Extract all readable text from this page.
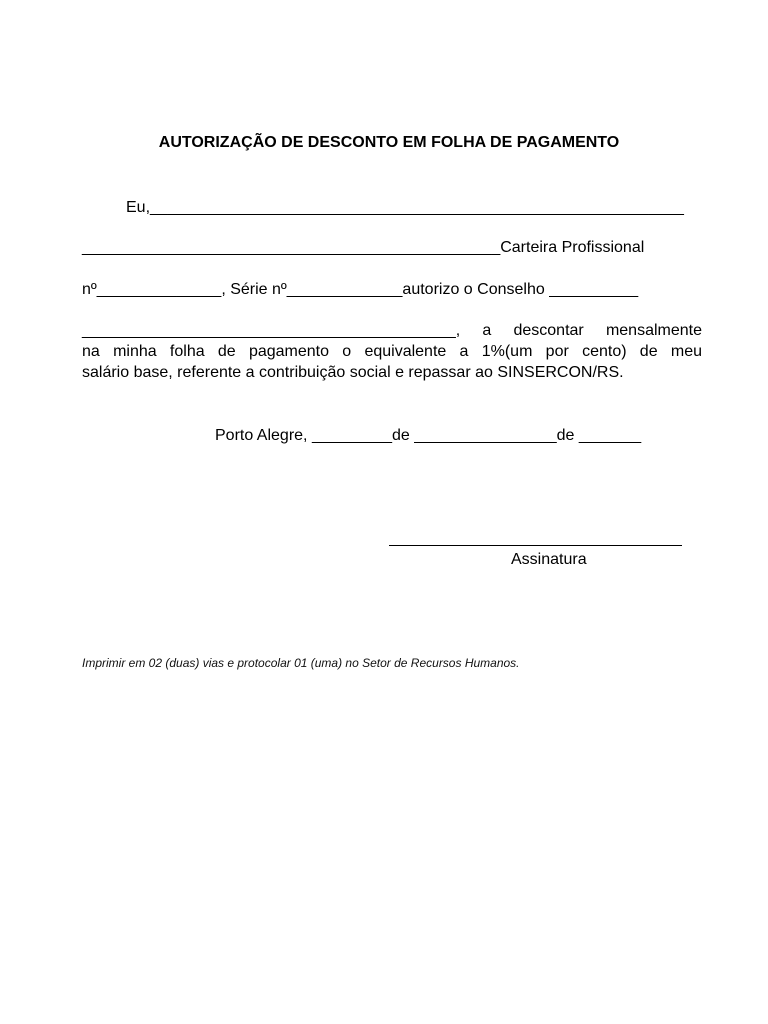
AUTORIZAÇÃO DE DESCONTO EM FOLHA DE PAGAMENTO
Eu,____________________________________________________________
_______________________________________________Carteira Profissional
nº______________, Série nº_____________autorizo o Conselho __________
__________________________________________, a descontar mensalmente
na minha folha de pagamento o equivalente a 1%(um por cento) de meu
salário base, referente a contribuição social e repassar ao SINSERCON/RS.
Porto Alegre, _________de ________________de _______
Assinatura
Imprimir em 02 (duas) vias e protocolar 01 (uma) no Setor de Recursos Humanos.
